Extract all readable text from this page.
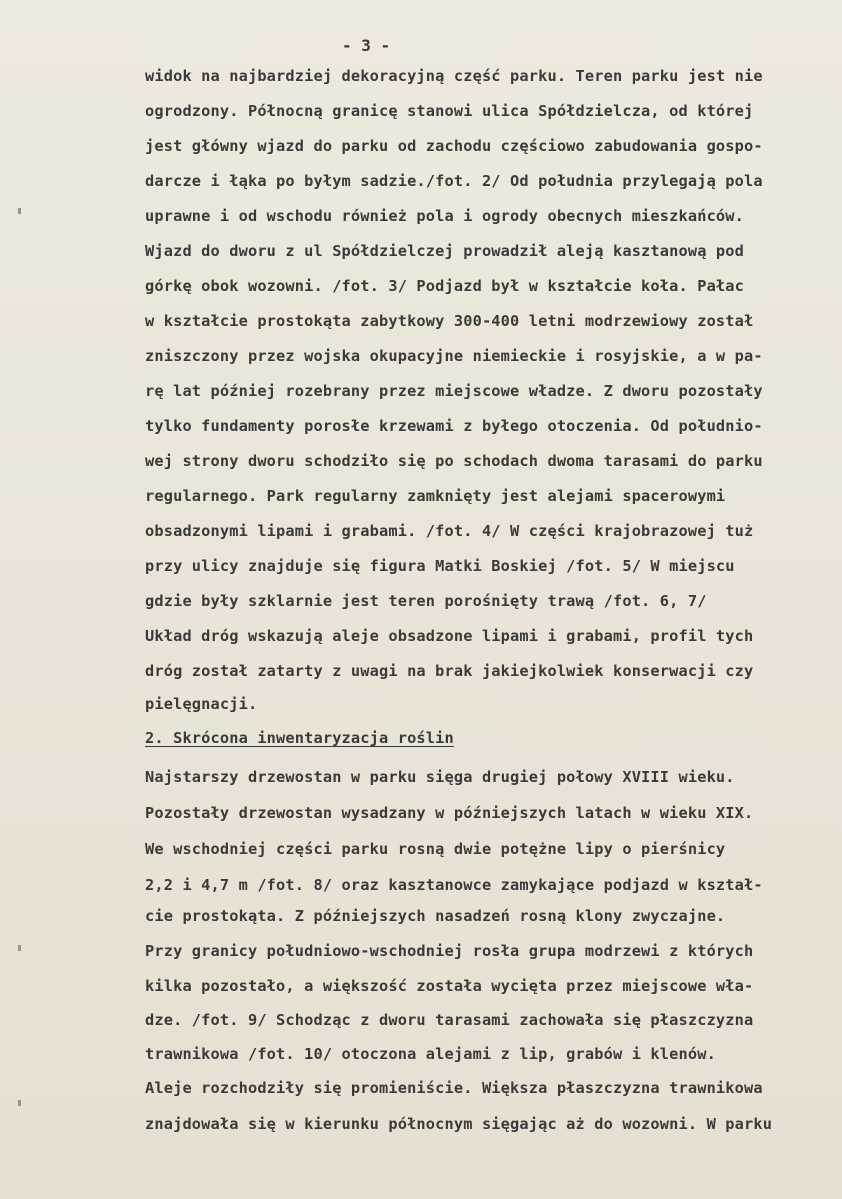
- 3 -
widok na najbardziej dekoracyjną część parku. Teren parku jest nie
ogrodzony. Północną granicę stanowi ulica Spółdzielcza, od której
jest główny wjazd do parku od zachodu częściowo zabudowania gospo-
darcze i łąka po byłym sadzie./fot. 2/ Od południa przylegają pola
uprawne i od wschodu również pola i ogrody obecnych mieszkańców.
Wjazd do dworu z ul Spółdzielczej prowadził aleją kasztanową pod
górkę obok wozowni. /fot. 3/ Podjazd był w kształcie koła. Pałac
w kształcie prostokąta zabytkowy 300-400 letni modrzewiowy został
zniszczony przez wojska okupacyjne niemieckie i rosyjskie, a w pa-
rę lat później rozebrany przez miejscowe władze. Z dworu pozostały
tylko fundamenty porosłe krzewami z byłego otoczenia. Od południo-
wej strony dworu schodziło się po schodach dwoma tarasami do parku
regularnego. Park regularny zamknięty jest alejami spacerowymi
obsadzonymi lipami i grabami. /fot. 4/ W części krajobrazowej tuż
przy ulicy znajduje się figura Matki Boskiej /fot. 5/ W miejscu
gdzie były szklarnie jest teren porośnięty trawą /fot. 6, 7/
Układ dróg wskazują aleje obsadzone lipami i grabami, profil tych
dróg został zatarty z uwagi na brak jakiejkolwiek konserwacji czy
pielęgnacji.
2. Skrócona inwentaryzacja roślin
Najstarszy drzewostan w parku sięga drugiej połowy XVIII wieku.
Pozostały drzewostan wysadzany w późniejszych latach w wieku XIX.
We wschodniej części parku rosną dwie potężne lipy o pierśnicy
2,2 i 4,7 m /fot. 8/ oraz kasztanowce zamykające podjazd w kształ-
cie prostokąta. Z późniejszych nasadzeń rosną klony zwyczajne.
Przy granicy południowo-wschodniej rosła grupa modrzewi z których
kilka pozostało, a większość została wycięta przez miejscowe wła-
dze. /fot. 9/ Schodząc z dworu tarasami zachowała się płaszczyzna
trawnikowa /fot. 10/ otoczona alejami z lip, grabów i klenów.
Aleje rozchodziły się promieniście. Większa płaszczyzna trawnikowa
znajdowała się w kierunku północnym sięgając aż do wozowni. W parku
